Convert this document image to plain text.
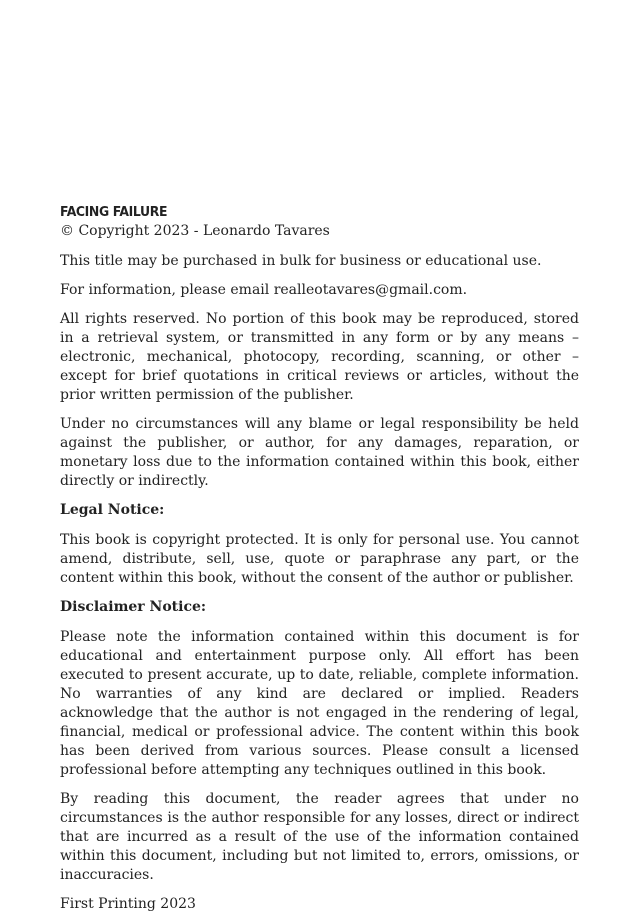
FACING FAILURE
© Copyright 2023 - Leonardo Tavares

This title may be purchased in bulk for business or educational use.

For information, please email realleotavares@gmail.com.

All rights reserved. No portion of this book may be reproduced, stored in a retrieval system, or transmitted in any form or by any means – electronic, mechanical, photocopy, recording, scanning, or other – except for brief quotations in critical reviews or articles, without the prior written permission of the publisher.

Under no circumstances will any blame or legal responsibility be held against the publisher, or author, for any damages, reparation, or monetary loss due to the information contained within this book, either directly or indirectly.

Legal Notice:

This book is copyright protected. It is only for personal use. You cannot amend, distribute, sell, use, quote or paraphrase any part, or the content within this book, without the consent of the author or publisher.

Disclaimer Notice:

Please note the information contained within this document is for educational and entertainment purpose only. All effort has been executed to present accurate, up to date, reliable, complete information. No warranties of any kind are declared or implied. Readers acknowledge that the author is not engaged in the rendering of legal, financial, medical or professional advice. The content within this book has been derived from various sources. Please consult a licensed professional before attempting any techniques outlined in this book.

By reading this document, the reader agrees that under no circumstances is the author responsible for any losses, direct or indirect that are incurred as a result of the use of the information contained within this document, including but not limited to, errors, omissions, or inaccuracies.

First Printing 2023
